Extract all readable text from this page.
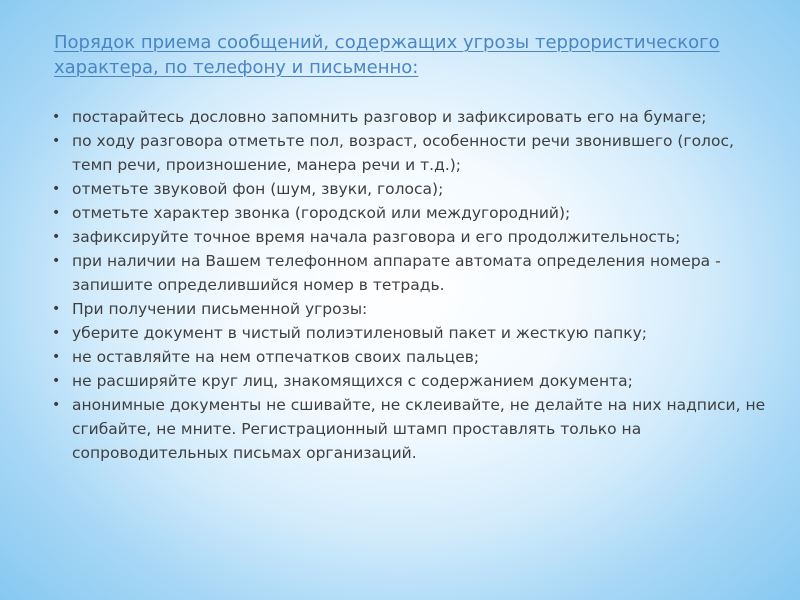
Порядок приема сообщений, содержащих угрозы террористического характера, по телефону и письменно:
• постарайтесь дословно запомнить разговор и зафиксировать его на бумаге;
• по ходу разговора отметьте пол, возраст, особенности речи звонившего (голос, темп речи, произношение, манера речи и т.д.);
• отметьте звуковой фон (шум, звуки, голоса);
• отметьте характер звонка (городской или междугородний);
• зафиксируйте точное время начала разговора и его продолжительность;
• при наличии на Вашем телефонном аппарате автомата определения номера - запишите определившийся номер в тетрадь.
• При получении письменной угрозы:
• уберите документ в чистый полиэтиленовый пакет и жесткую папку;
• не оставляйте на нем отпечатков своих пальцев;
• не расширяйте круг лиц, знакомящихся с содержанием документа;
• анонимные документы не сшивайте, не склеивайте, не делайте на них надписи, не сгибайте, не мните. Регистрационный штамп проставлять только на сопроводительных письмах организаций.
